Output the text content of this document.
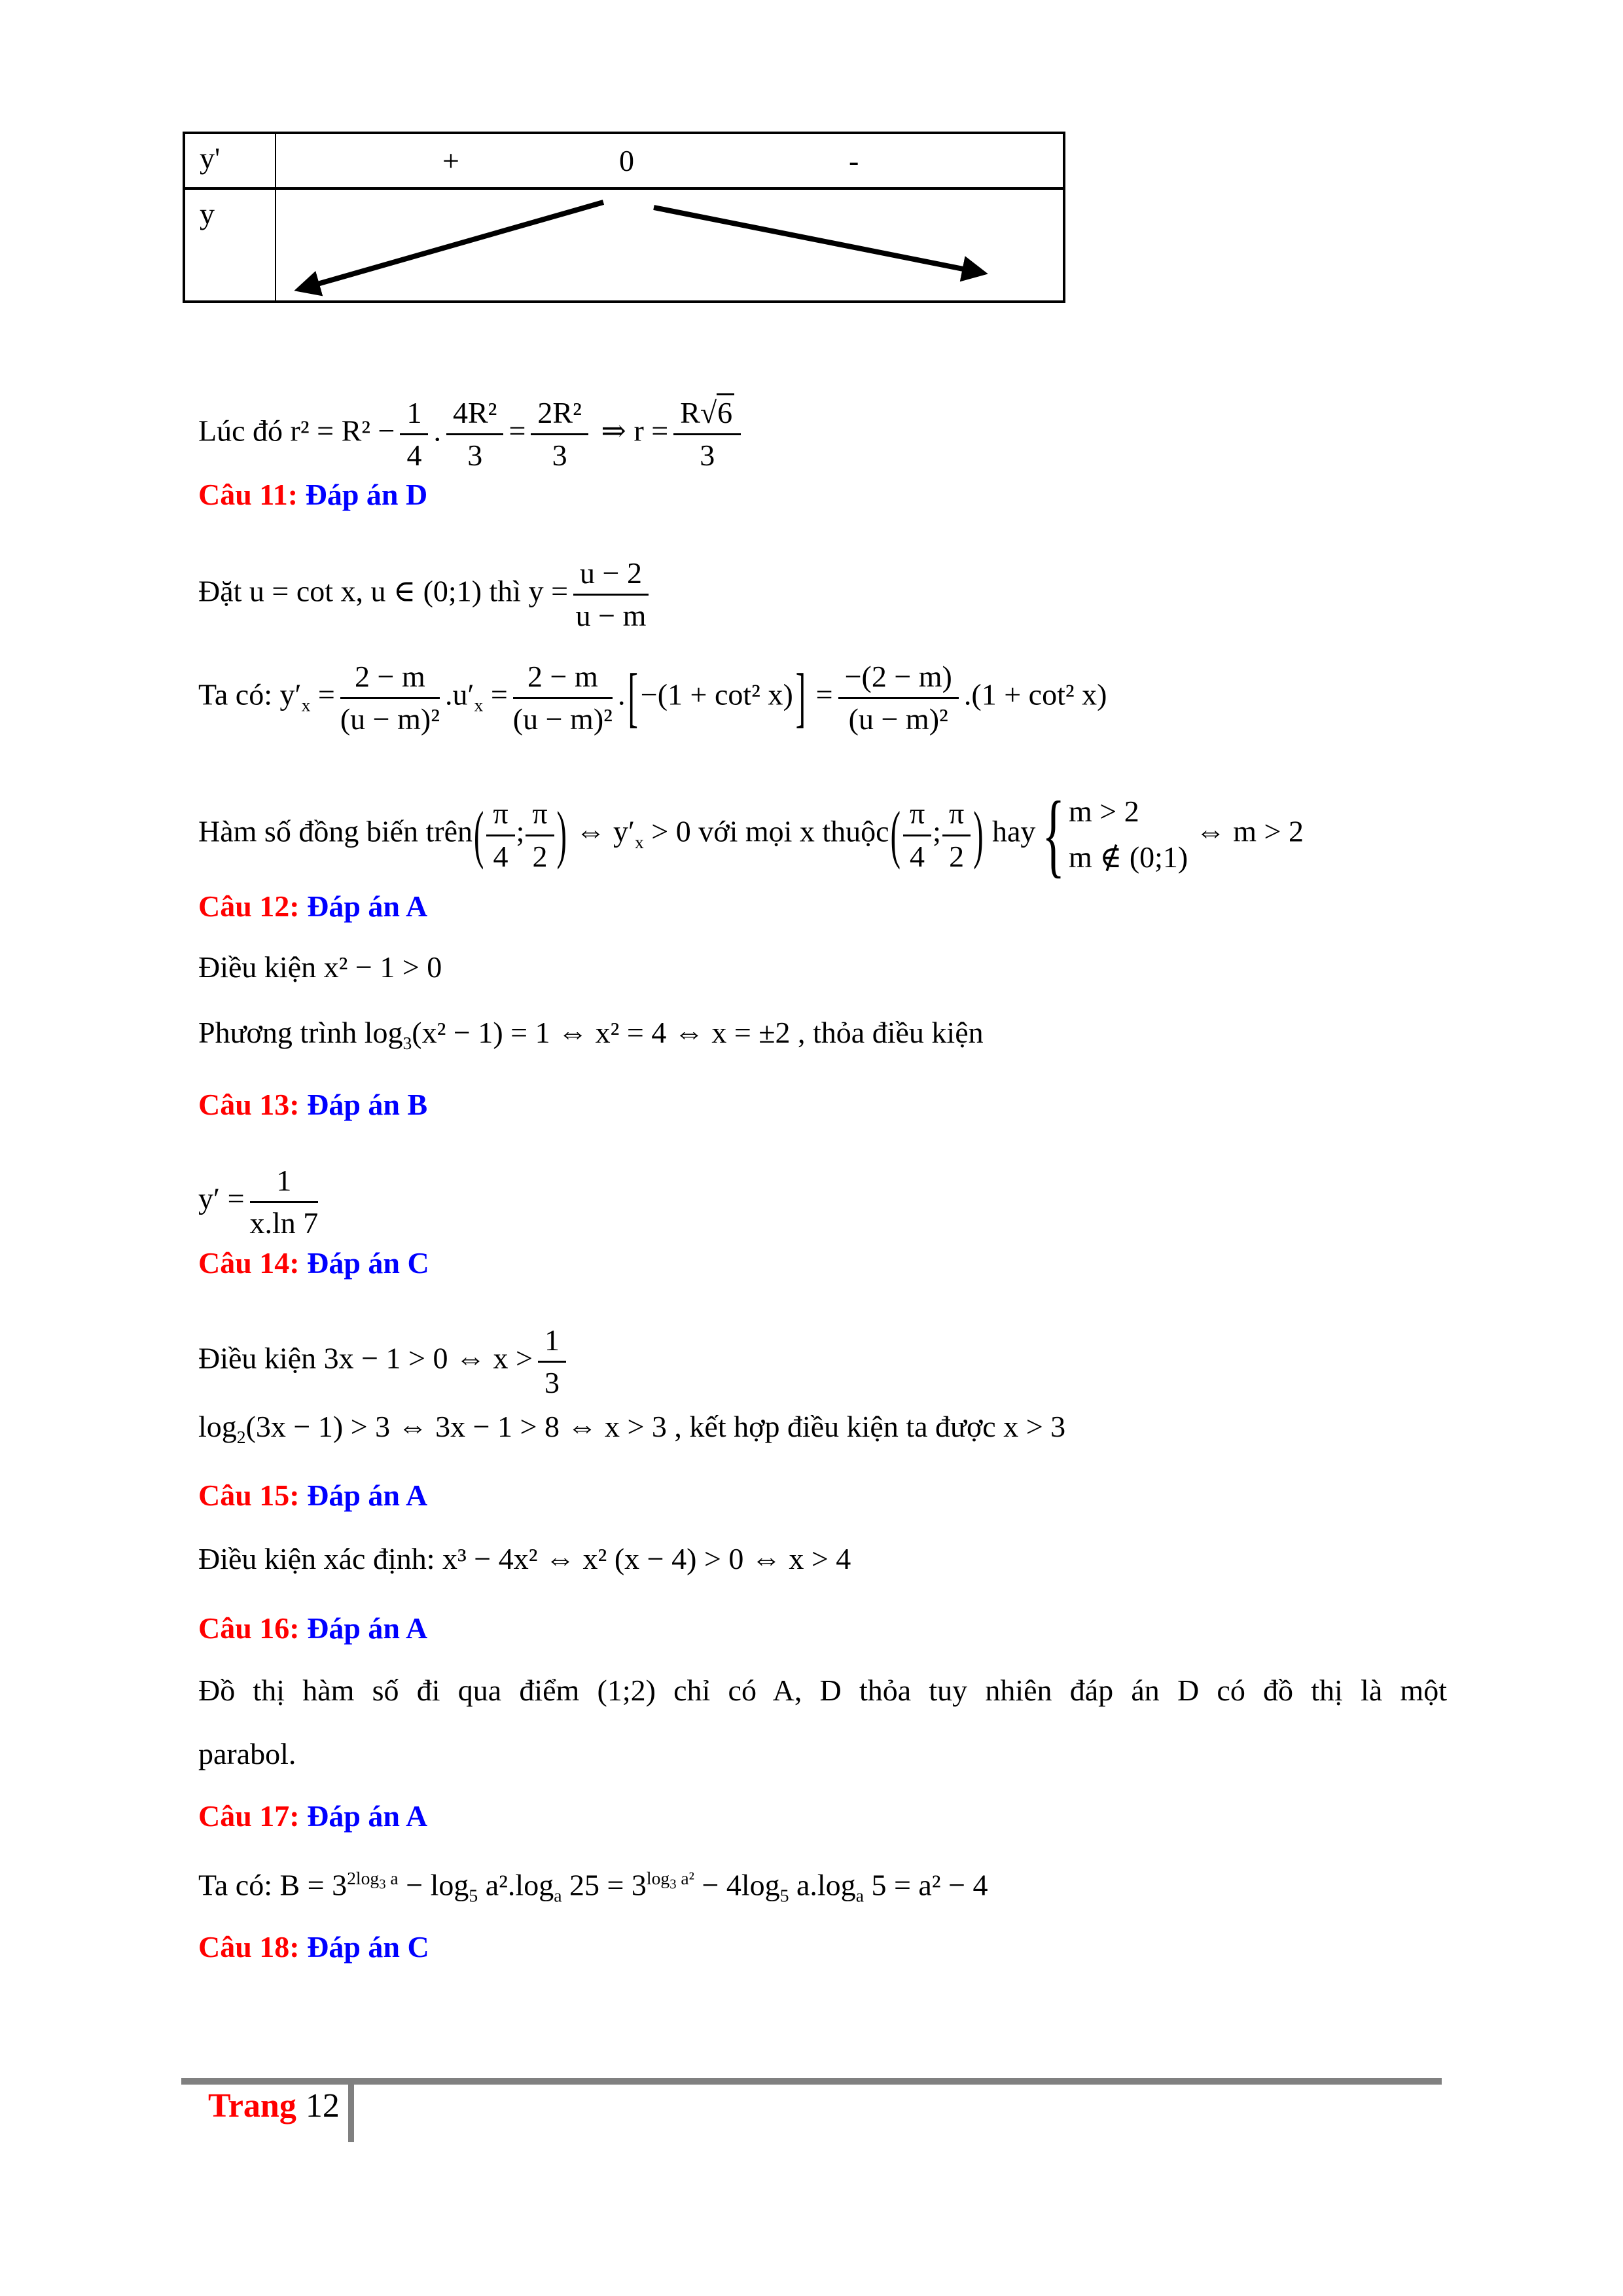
y'	+	0	-
y
Lúc đó $r^2 = R^2 - \frac{1}{4}$ . $\frac{\text{4R²}}{3} = \frac{\text{2R²}}{3}$ ⇒ $r = \frac{R√6}{3}$
Câu 11: Đáp án D
Đặt u = cot x, u ∈ (0;1) thì $y = \frac{u - 2}{u - m}$
Ta có: $y'_x = \frac{2 - m}{\text{(u − m)²}} .u'_x = \frac{2 - m}{\text{(u − m)²}} .[-(1 + \cot^2$ $x)] = \frac{-(2 - m)}{\text{(u − m)²}} .(1 + \cot^2$ x)
Hàm số đồng biến trên( $\frac{\pi}{4}$ ; $\frac{\pi}{2}$ ) ⇔ $y'_x > 0$ với mọi x thuộc( $\frac{\pi}{4}$ ; $\frac{\pi}{2}$ ) hay { m > 2
m ∉ (0;1)
⇔ m > 2
Câu 12: Đáp án A
Điều kiện x² − 1 > 0
Phương trình $\log_3(x^2 - 1) = 1$ ⇔ x² = 4 ⇔ x = ±2 , thỏa điều kiện
Câu 13: Đáp án B
$y' = \frac{1}{x.\ln 7}$
Câu 14: Đáp án C
Điều kiện 3x − 1 > 0 ⇔ $x > \frac{1}{3}$
$\log_2(3x - 1) > 3$ ⇔ 3x − 1 > 8 ⇔ x > 3 , kết hợp điều kiện ta được x > 3
Câu 15: Đáp án A
Điều kiện xác định: x³ − 4x² ⇔ x² (x − 4) > 0 ⇔ x > 4
Câu 16: Đáp án A
Đồ thị hàm số đi qua điểm (1;2) chỉ có A, D thỏa tuy nhiên đáp án D có đồ thị là một
parabol.
Câu 17: Đáp án A
Ta có: $B = 3^{2log_3 a} - \log_5 a^2.\log_a$ $25 = 3^{log_3 a^2} - 4\log_5$ $a.\log_a$ 5 = a² − 4
Câu 18: Đáp án C
Trang 12
